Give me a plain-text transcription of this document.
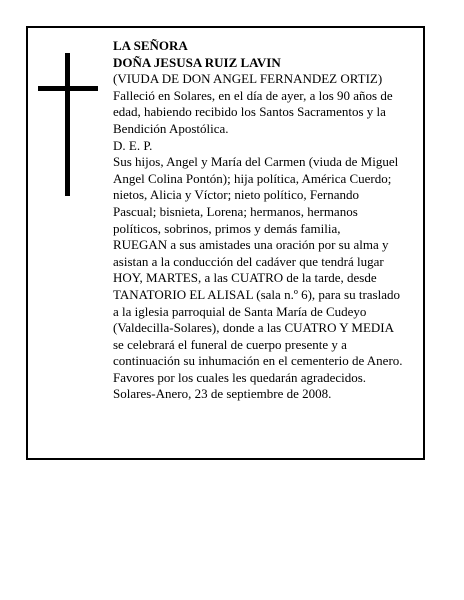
LA SEÑORA
DOÑA JESUSA RUIZ LAVIN
(VIUDA DE DON ANGEL FERNANDEZ ORTIZ)
Falleció en Solares, en el día de ayer, a los 90 años de
edad, habiendo recibido los Santos Sacramentos y la
Bendición Apostólica.
D. E. P.
Sus hijos, Angel y María del Carmen (viuda de Miguel
Angel Colina Pontón); hija política, América Cuerdo;
nietos, Alicia y Víctor; nieto político, Fernando
Pascual; bisnieta, Lorena; hermanos, hermanos
políticos, sobrinos, primos y demás familia,
RUEGAN a sus amistades una oración por su alma y
asistan a la conducción del cadáver que tendrá lugar
HOY, MARTES, a las CUATRO de la tarde, desde
TANATORIO EL ALISAL (sala n.º 6), para su traslado
a la iglesia parroquial de Santa María de Cudeyo
(Valdecilla-Solares), donde a las CUATRO Y MEDIA
se celebrará el funeral de cuerpo presente y a
continuación su inhumación en el cementerio de Anero.
Favores por los cuales les quedarán agradecidos.
Solares-Anero, 23 de septiembre de 2008.
